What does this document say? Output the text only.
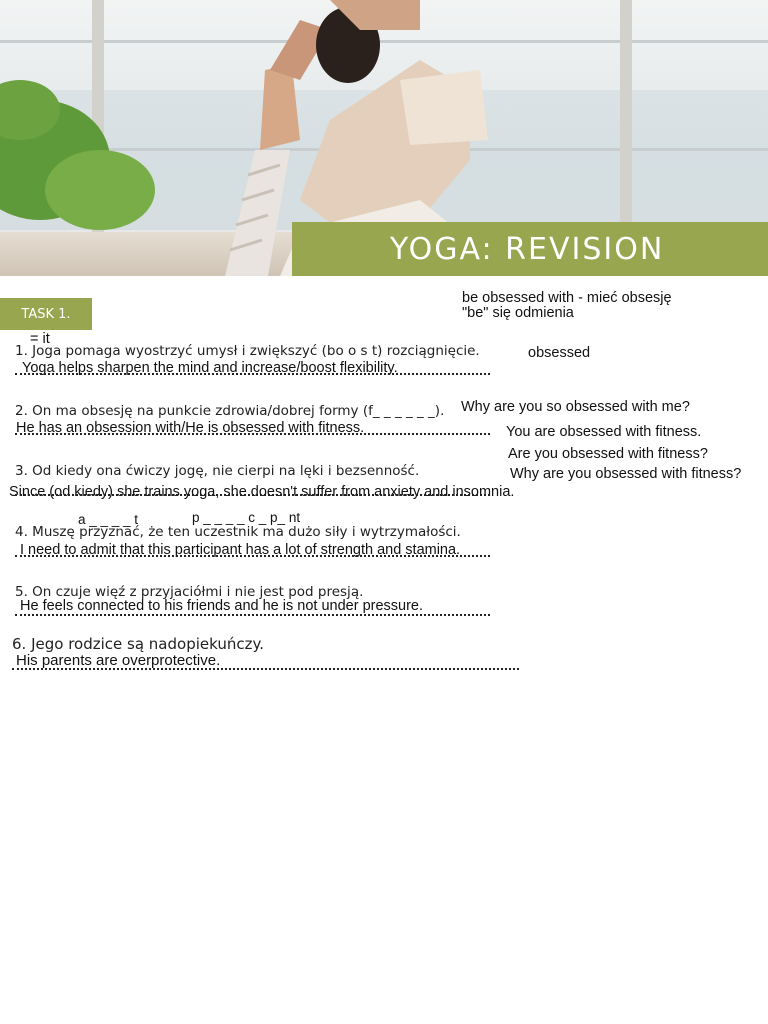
YOGA: REVISION
TASK 1.
be obsessed with - mieć obsesję
"be" się odmienia
= it
obsessed
Why are you so obsessed with me?
You are obsessed with fitness.
Are you obsessed with fitness?
Why are you obsessed with fitness?
1. Joga pomaga wyostrzyć umysł i zwiększyć (bo o s t) rozciągnięcie.
Yoga helps sharpen the mind and increase/boost flexibility.
2. On ma obsesję na punkcie zdrowia/dobrej formy (f_ _ _ _ _ _).
He has an obsession with/He is obsessed with fitness.
3. Od kiedy ona ćwiczy jogę, nie cierpi na lęki i bezsenność.
Since (od kiedy) she trains yoga, she doesn't suffer from anxiety and insomnia.
a _ _ _ _ t	p _ _ _ _ c _ p_ nt
4. Muszę przyznać, że ten uczestnik ma dużo siły i wytrzymałości.
I need to admit that this participant has a lot of strength and stamina.
5. On czuje więź z przyjaciółmi i nie jest pod presją.
He feels connected to his friends and he is not under pressure.
6. Jego rodzice są nadopiekuńczy.
His parents are overprotective.
